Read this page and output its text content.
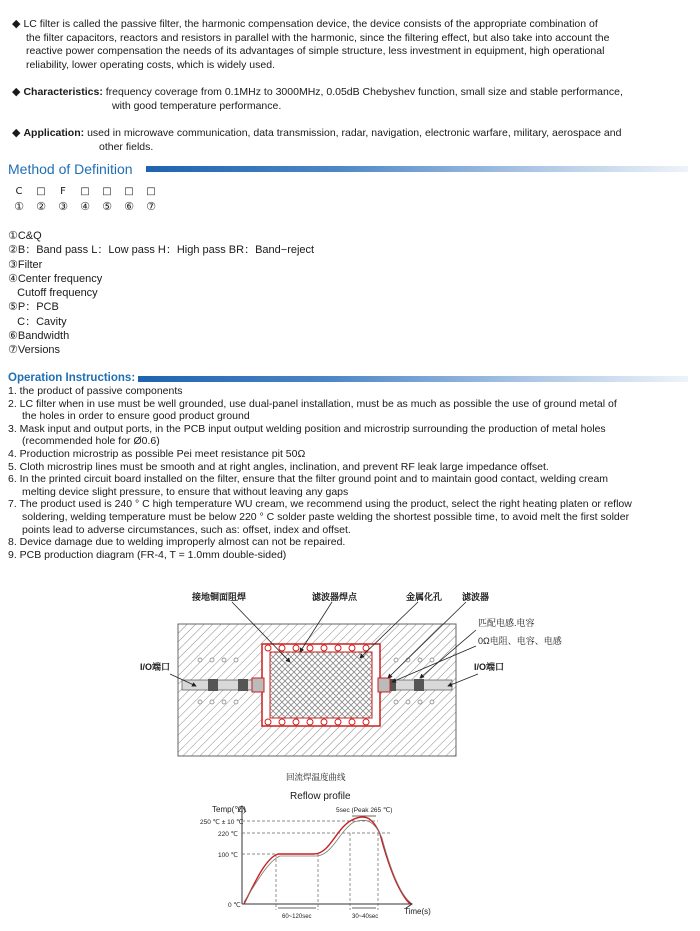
◆ LC filter is called the passive filter, the harmonic compensation device, the device consists of the appropriate combination of
the filter capacitors, reactors and resistors in parallel with the harmonic, since the filtering effect, but also take into account the
reactive power compensation the needs of its advantages of simple structure, less investment in equipment, high operational
reliability, lower operating costs, which is widely used.
◆ Characteristics: frequency coverage from 0.1MHz to 3000MHz, 0.05dB Chebyshev function, small size and stable performance,
with good temperature performance.
◆ Application: used in microwave communication, data transmission, radar, navigation, electronic warfare, military, aerospace and
other fields.
Method of Definition
C □ F □ □ □ □
① ② ③ ④ ⑤ ⑥ ⑦
①C&Q
②B：Band pass L：Low pass H：High pass BR：Band−reject
③Filter
④Center frequency
Cutoff frequency
⑤P：PCB
C：Cavity
⑥Bandwidth
⑦Versions
Operation Instructions:
1. the product of passive components
2. LC filter when in use must be well grounded, use dual-panel installation, must be as much as possible the use of ground metal of
the holes in order to ensure good product ground
3. Mask input and output ports, in the PCB input output welding position and microstrip surrounding the production of metal holes
(recommended hole for Ø0.6)
4. Production microstrip as possible Pei meet resistance pit 50Ω
5. Cloth microstrip lines must be smooth and at right angles, inclination, and prevent RF leak large impedance offset.
6. In the printed circuit board installed on the filter, ensure that the filter ground point and to maintain good contact, welding cream
melting device slight pressure, to ensure that without leaving any gaps
7. The product used is 240 ° C high temperature WU cream, we recommend using the product, select the right heating platen or reflow
soldering, welding temperature must be below 220 ° C solder paste welding the shortest possible time, to avoid melt the first solder
points lead to adverse circumstances, such as: offset, index and offset.
8. Device damage due to welding improperly almost can not be repaired.
9. PCB production diagram (FR-4, T = 1.0mm double-sided)
接地铜面阻焊	滤波器焊点	金属化孔 滤波器
匹配电感.电容
0Ω电阻、电容、电感
I/O端口	I/O端口
回流焊温度曲线
Reflow profile
Temp(℃)
Time(s)
250 ℃ ± 10 ℃
220 ℃
100 ℃
0 ℃
5sec (Peak 265 ℃)
60~120sec	30~40sec
